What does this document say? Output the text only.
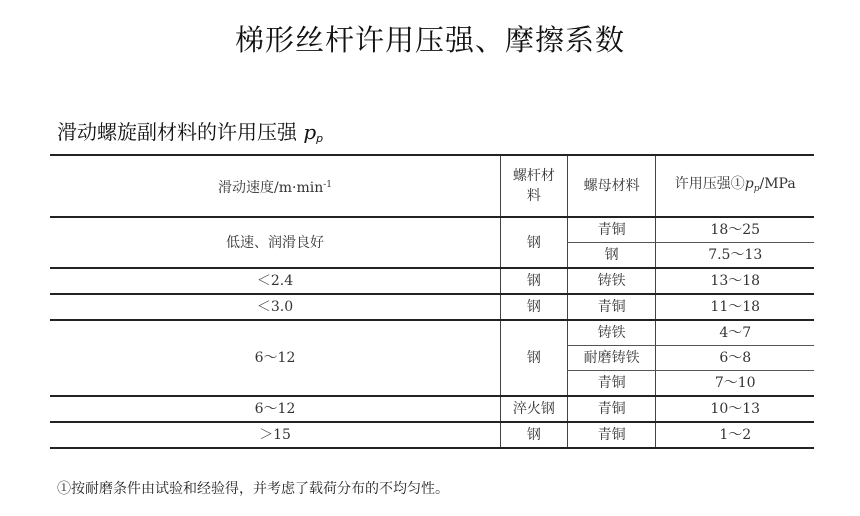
梯形丝杆许用压强、摩擦系数
滑动螺旋副材料的许用压强 $p_p$
滑动速度$/m\cdot\min^{-1}$	螺杆材料	螺母材料	许用压强$①p_p$/MPa
低速、润滑良好	钢	青铜	18～25
		钢	7.5～13
＜2.4	钢	铸铁	13～18
＜3.0	钢	青铜	11～18
6～12	钢	铸铁	4～7
		耐磨铸铁	6～8
		青铜	7～10
6～12	淬火钢	青铜	10～13
＞15	钢	青铜	1～2
①按耐磨条件由试验和经验得，并考虑了载荷分布的不均匀性。
